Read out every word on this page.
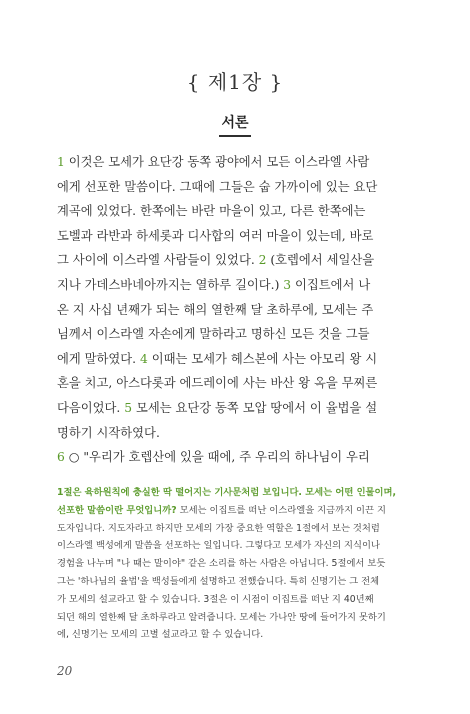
{ 제1장 }
서론
1 이것은 모세가 요단강 동쪽 광야에서 모든 이스라엘 사람
에게 선포한 말씀이다. 그때에 그들은 숩 가까이에 있는 요단
계곡에 있었다. 한쪽에는 바란 마을이 있고, 다른 한쪽에는
도벨과 라반과 하세롯과 디사합의 여러 마을이 있는데, 바로
그 사이에 이스라엘 사람들이 있었다. 2 (호렙에서 세일산을
지나 가데스바네아까지는 열하루 길이다.) 3 이집트에서 나
온 지 사십 년째가 되는 해의 열한째 달 초하루에, 모세는 주
님께서 이스라엘 자손에게 말하라고 명하신 모든 것을 그들
에게 말하였다. 4 이때는 모세가 헤스본에 사는 아모리 왕 시
혼을 치고, 아스다롯과 에드레이에 사는 바산 왕 옥을 무찌른
다음이었다. 5 모세는 요단강 동쪽 모압 땅에서 이 율법을 설
명하기 시작하였다.
6 ○ "우리가 호렙산에 있을 때에, 주 우리의 하나님이 우리
1절은 육하원칙에 충실한 딱 떨어지는 기사문처럼 보입니다. 모세는 어떤 인물이며,
선포한 말씀이란 무엇입니까? 모세는 이집트를 떠난 이스라엘을 지금까지 이끈 지
도자입니다. 지도자라고 하지만 모세의 가장 중요한 역할은 1절에서 보는 것처럼
이스라엘 백성에게 말씀을 선포하는 일입니다. 그렇다고 모세가 자신의 지식이나
경험을 나누며 "나 때는 말이야" 같은 소리를 하는 사람은 아닙니다. 5절에서 보듯
그는 '하나님의 율법'을 백성들에게 설명하고 전했습니다. 특히 신명기는 그 전체
가 모세의 설교라고 할 수 있습니다. 3절은 이 시점이 이집트를 떠난 지 40년째
되던 해의 열한째 달 초하루라고 알려줍니다. 모세는 가나안 땅에 들어가지 못하기
에, 신명기는 모세의 고별 설교라고 할 수 있습니다.
20
